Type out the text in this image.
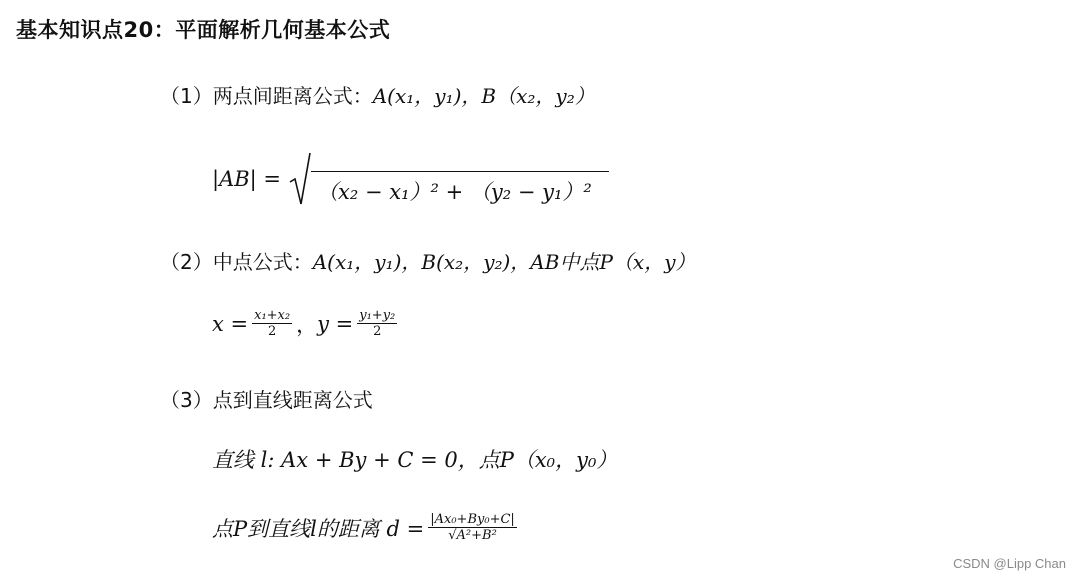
基本知识点20：平面解析几何基本公式
（1）两点间距离公式：A(x₁，y₁)，B（x₂，y₂）
|AB| =
（x₂ − x₁）² + （y₂ − y₁）²
（2）中点公式：A(x₁，y₁)，B(x₂，y₂)，AB中点P（x，y）
$x = \frac{\text{x₁+x₂}}{2}$ ， $y = \frac{\text{y₁+y₂}}{2}$
（3）点到直线距离公式
直线 l: Ax + By + C = 0，点P（x₀，y₀）
点P到直线l的距离 $d = \frac{\text{|Ax₀+By₀+C|}}{\text{√A²+B²}}$
CSDN @Lipp Chan
